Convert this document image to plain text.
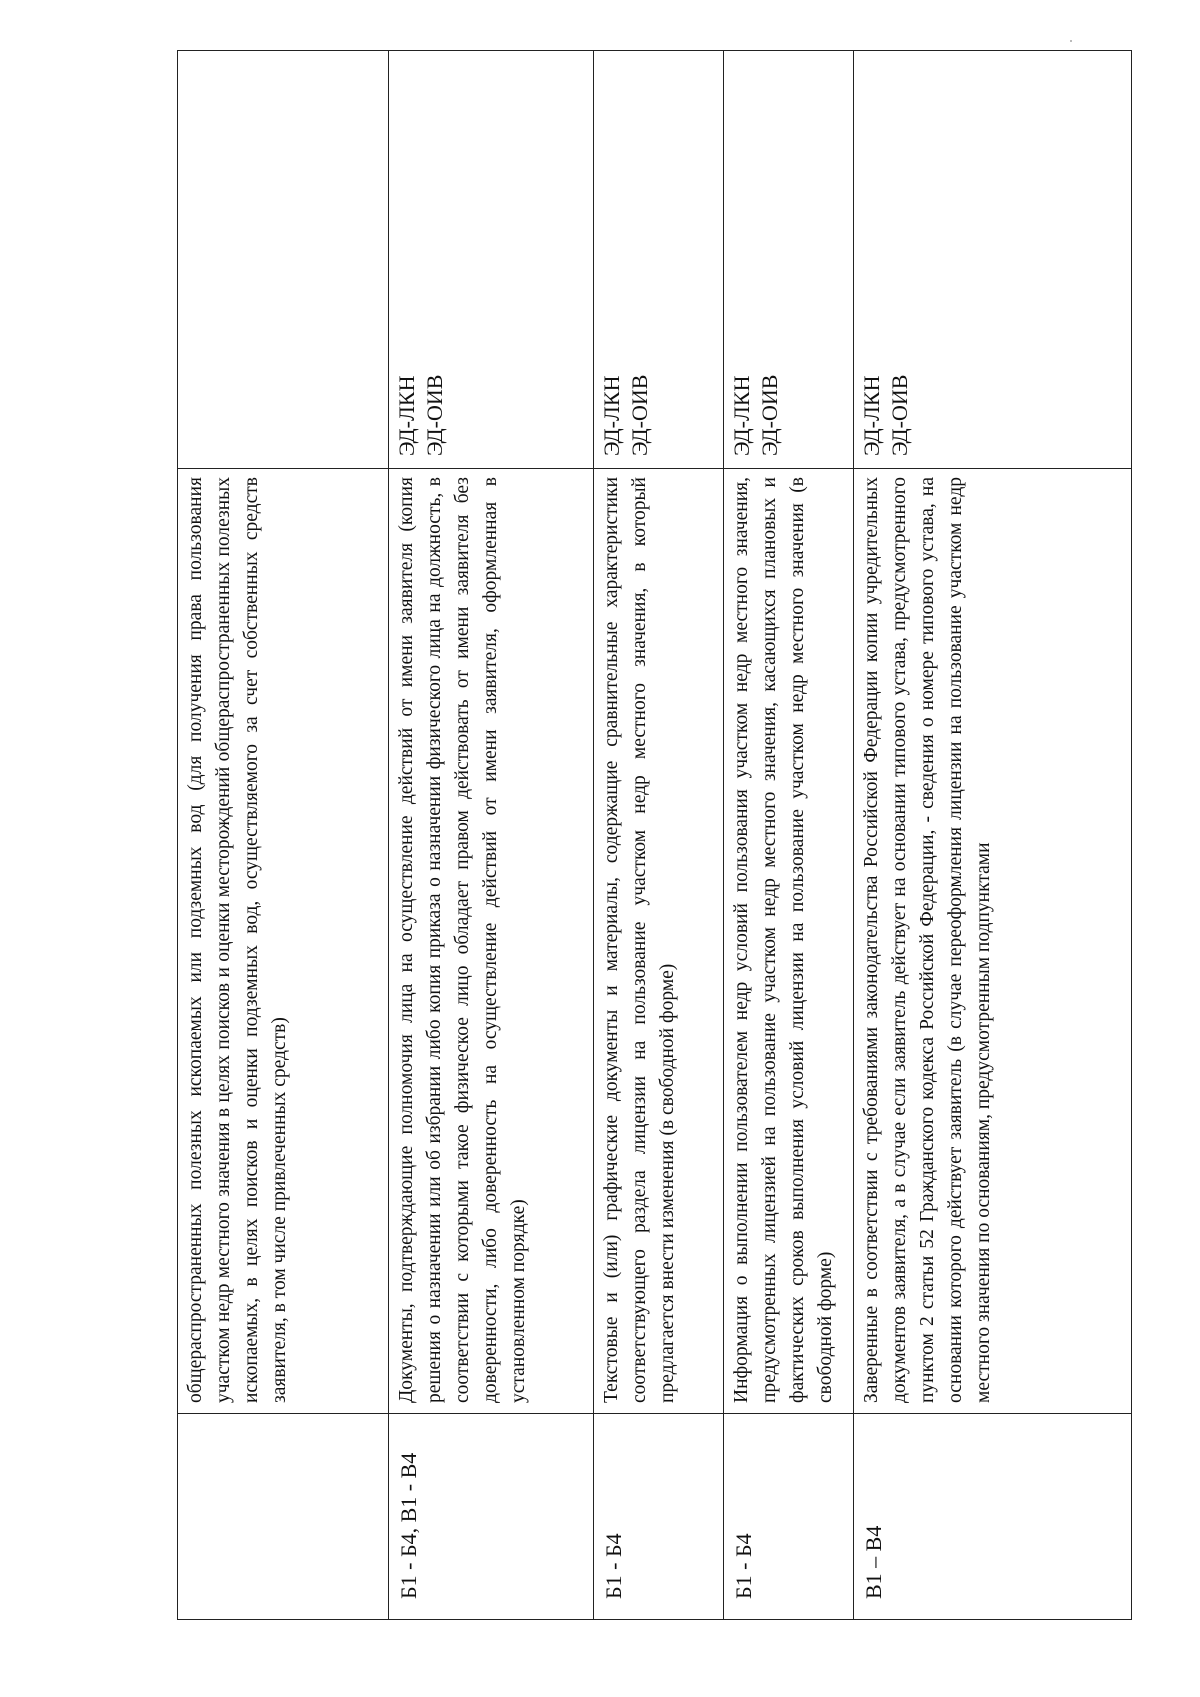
общераспространенных полезных ископаемых или подземных вод (для получения права пользования участком недр местного значения в целях поисков и оценки месторождений общераспространенных полезных ископаемых, в целях поисков и оценки подземных вод, осуществляемого за счет собственных средств заявителя, в том числе привлеченных средств)
Б1 - Б4, В1 - В4
Документы, подтверждающие полномочия лица на осуществление действий от имени заявителя (копия решения о назначении или об избрании либо копия приказа о назначении физического лица на должность, в соответствии с которыми такое физическое лицо обладает правом действовать от имени заявителя без доверенности, либо доверенность на осуществление действий от имени заявителя, оформленная в установленном порядке)
ЭД-ЛКН ЭД-ОИВ
Б1 - Б4
Текстовые и (или) графические документы и материалы, содержащие сравнительные характеристики соответствующего раздела лицензии на пользование участком недр местного значения, в который предлагается внести изменения (в свободной форме)
ЭД-ЛКН ЭД-ОИВ
Б1 - Б4
Информация о выполнении пользователем недр условий пользования участком недр местного значения, предусмотренных лицензией на пользование участком недр местного значения, касающихся плановых и фактических сроков выполнения условий лицензии на пользование участком недр местного значения (в свободной форме)
ЭД-ЛКН ЭД-ОИВ
В1 – В4
Заверенные в соответствии с требованиями законодательства Российской Федерации копии учредительных документов заявителя, а в случае если заявитель действует на основании типового устава, предусмотренного пунктом 2 статьи 52 Гражданского кодекса Российской Федерации, - сведения о номере типового устава, на основании которого действует заявитель (в случае переоформления лицензии на пользование участком недр местного значения по основаниям, предусмотренным подпунктами
ЭД-ЛКН ЭД-ОИВ
